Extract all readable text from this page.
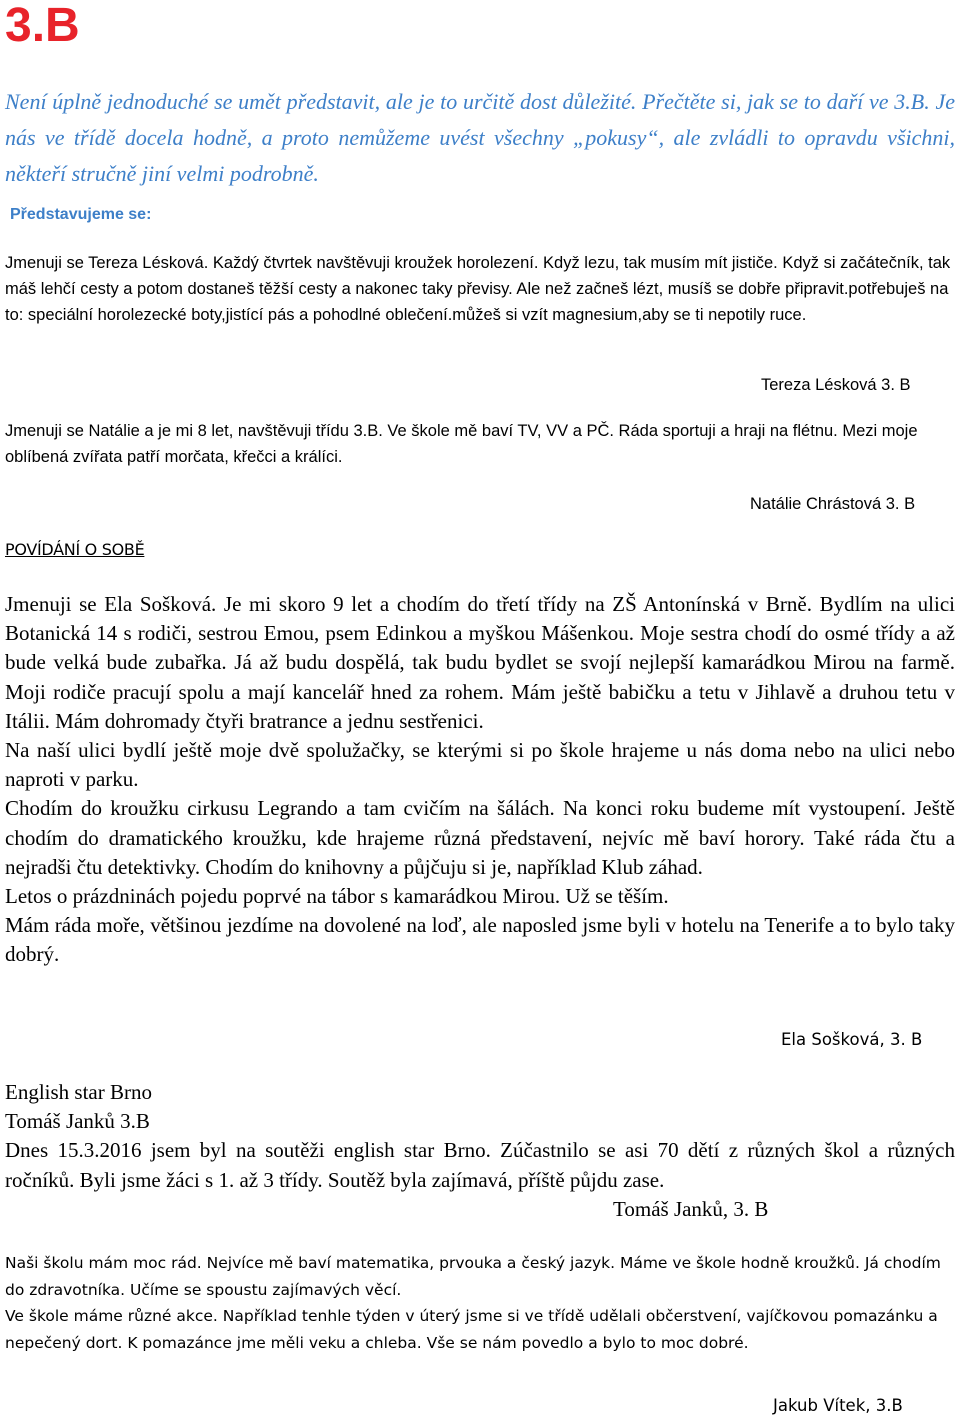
3.B

Není úplně jednoduché se umět představit, ale je to určitě dost důležité. Přečtěte si, jak se to daří ve 3.B. Je nás ve třídě docela hodně, a proto nemůžeme uvést všechny „pokusy“, ale zvládli to opravdu všichni, někteří stručně jiní velmi podrobně.

Představujeme se:

Jmenuji se Tereza Lésková. Každý čtvrtek navštěvuji kroužek horolezení. Když lezu, tak musím mít jističe. Když si začátečník, tak máš lehčí cesty a potom dostaneš těžší cesty a nakonec taky převisy. Ale než začneš lézt, musíš se dobře připravit.potřebuješ na to: speciální horolezecké boty,jistící pás a pohodlné oblečení.můžeš si vzít magnesium,aby se ti nepotily ruce.

Tereza Lésková 3. B

Jmenuji se Natálie a je mi 8 let, navštěvuji třídu 3.B. Ve škole mě baví TV, VV a PČ. Ráda sportuji a hraji na flétnu. Mezi moje oblíbená zvířata patří morčata, křečci a králíci.

Natálie Chrástová 3. B

POVÍDÁNÍ O SOBĚ

Jmenuji se Ela Sošková. Je mi skoro 9 let a chodím do třetí třídy na ZŠ Antonínská v Brně. Bydlím na ulici Botanická 14 s rodiči, sestrou Emou, psem Edinkou a myškou Mášenkou. Moje sestra chodí do osmé třídy a až bude velká bude zubařka. Já až budu dospělá, tak budu bydlet se svojí nejlepší kamarádkou Mirou na farmě. Moji rodiče pracují spolu a mají kancelář hned za rohem. Mám ještě babičku a tetu v Jihlavě a druhou tetu v Itálii. Mám dohromady čtyři bratrance a jednu sestřenici.

Na naší ulici bydlí ještě moje dvě spolužačky, se kterými si po škole hrajeme u nás doma nebo na ulici nebo naproti v parku.

Chodím do kroužku cirkusu Legrando a tam cvičím na šálách. Na konci roku budeme mít vystoupení. Ještě chodím do dramatického kroužku, kde hrajeme různá představení, nejvíc mě baví horory. Také ráda čtu a nejradši čtu detektivky. Chodím do knihovny a půjčuju si je, například Klub záhad.

Letos o prázdninách pojedu poprvé na tábor s kamarádkou Mirou. Už se těším.

Mám ráda moře, většinou jezdíme na dovolené na loď, ale naposled jsme byli v hotelu na Tenerife a to bylo taky dobrý.

Ela Sošková, 3. B

English star Brno

Tomáš Janků 3.B

Dnes 15.3.2016 jsem byl na soutěži english star Brno. Zúčastnilo se asi 70 dětí z různých škol a různých ročníků. Byli jsme žáci s 1. až 3 třídy. Soutěž byla zajímavá, příště půjdu zase.

Tomáš Janků, 3. B

Naši školu mám moc rád. Nejvíce mě baví matematika, prvouka a český jazyk. Máme ve škole hodně kroužků. Já chodím do zdravotníka. Učíme se spoustu zajímavých věcí.

Ve škole máme různé akce. Například tenhle týden v úterý jsme si ve třídě udělali občerstvení, vajíčkovou pomazánku a nepečený dort. K pomazánce jme měli veku a chleba. Vše se nám povedlo a bylo to moc dobré.

Jakub Vítek, 3.B
